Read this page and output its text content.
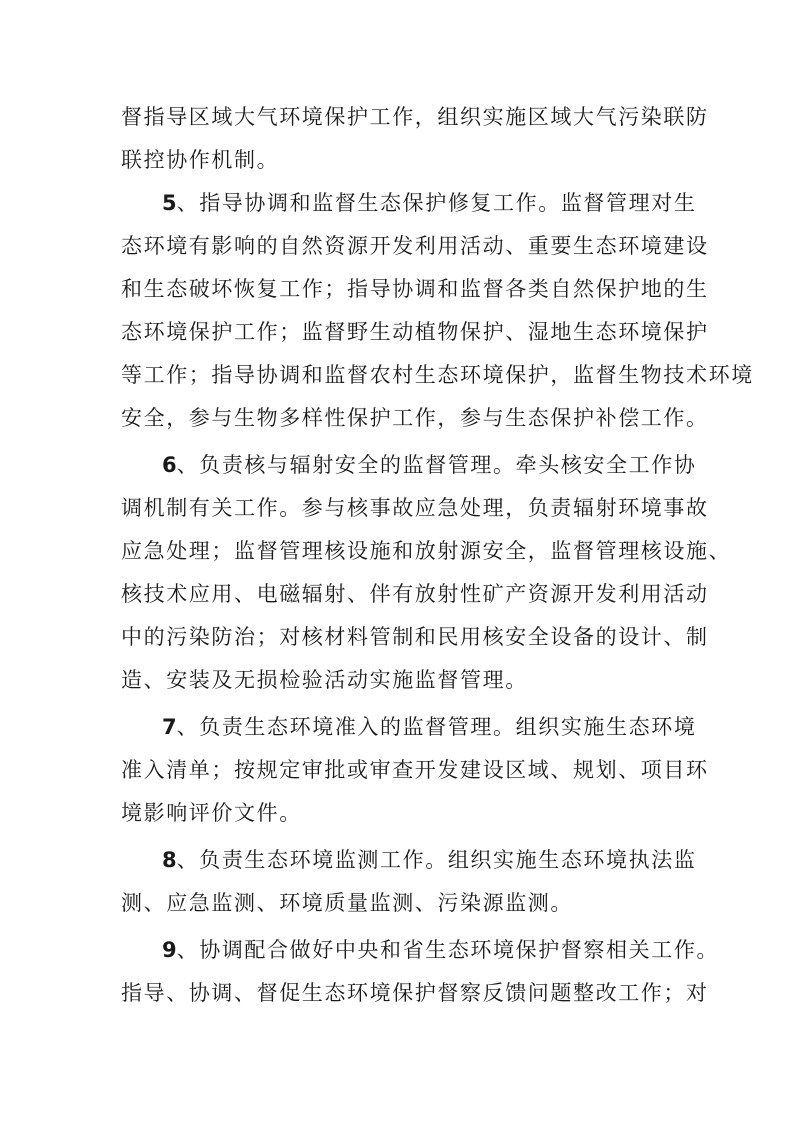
督指导区域大气环境保护工作，组织实施区域大气污染联防
联控协作机制。
5、指导协调和监督生态保护修复工作。监督管理对生
态环境有影响的自然资源开发利用活动、重要生态环境建设
和生态破坏恢复工作；指导协调和监督各类自然保护地的生
态环境保护工作；监督野生动植物保护、湿地生态环境保护
等工作；指导协调和监督农村生态环境保护，监督生物技术环境
安全，参与生物多样性保护工作，参与生态保护补偿工作。
6、负责核与辐射安全的监督管理。牵头核安全工作协
调机制有关工作。参与核事故应急处理，负责辐射环境事故
应急处理；监督管理核设施和放射源安全，监督管理核设施、
核技术应用、电磁辐射、伴有放射性矿产资源开发利用活动
中的污染防治；对核材料管制和民用核安全设备的设计、制
造、安装及无损检验活动实施监督管理。
7、负责生态环境准入的监督管理。组织实施生态环境
准入清单；按规定审批或审查开发建设区域、规划、项目环
境影响评价文件。
8、负责生态环境监测工作。组织实施生态环境执法监
测、应急监测、环境质量监测、污染源监测。
9、协调配合做好中央和省生态环境保护督察相关工作。
指导、协调、督促生态环境保护督察反馈问题整改工作；对
